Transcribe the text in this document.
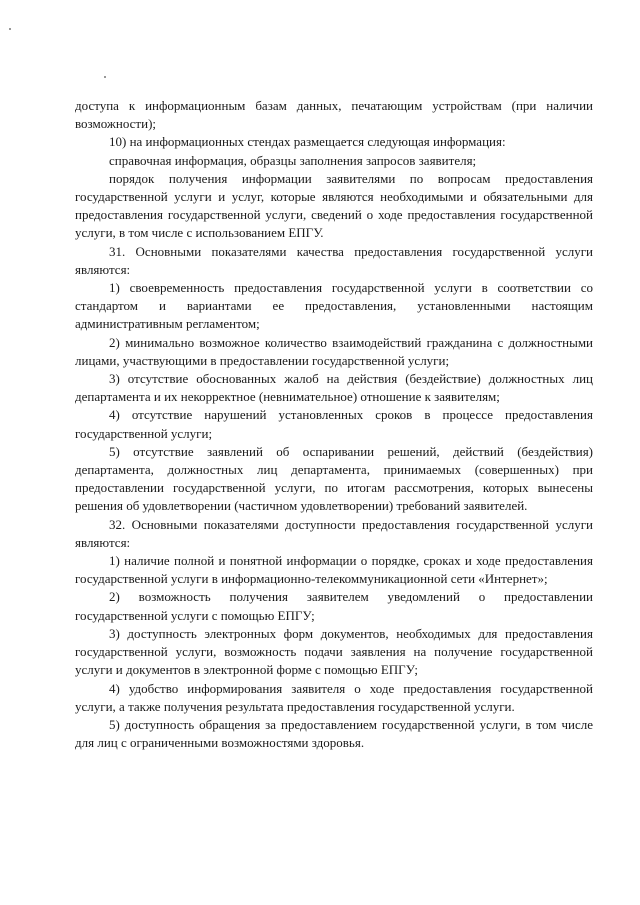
доступа к информационным базам данных, печатающим устройствам (при наличии возможности);

10) на информационных стендах размещается следующая информация:

справочная информация, образцы заполнения запросов заявителя;

порядок получения информации заявителями по вопросам предоставления государственной услуги и услуг, которые являются необходимыми и обязательными для предоставления государственной услуги, сведений о ходе предоставления государственной услуги, в том числе с использованием ЕПГУ.

31. Основными показателями качества предоставления государственной услуги являются:

1) своевременность предоставления государственной услуги в соответствии со стандартом и вариантами ее предоставления, установленными настоящим административным регламентом;

2) минимально возможное количество взаимодействий гражданина с должностными лицами, участвующими в предоставлении государственной услуги;

3) отсутствие обоснованных жалоб на действия (бездействие) должностных лиц департамента и их некорректное (невнимательное) отношение к заявителям;

4) отсутствие нарушений установленных сроков в процессе предоставления государственной услуги;

5) отсутствие заявлений об оспаривании решений, действий (бездействия) департамента, должностных лиц департамента, принимаемых (совершенных) при предоставлении государственной услуги, по итогам рассмотрения, которых вынесены решения об удовлетворении (частичном удовлетворении) требований заявителей.

32. Основными показателями доступности предоставления государственной услуги являются:

1) наличие полной и понятной информации о порядке, сроках и ходе предоставления государственной услуги в информационно-телекоммуникационной сети «Интернет»;

2) возможность получения заявителем уведомлений о предоставлении государственной услуги с помощью ЕПГУ;

3) доступность электронных форм документов, необходимых для предоставления государственной услуги, возможность подачи заявления на получение государственной услуги и документов в электронной форме с помощью ЕПГУ;

4) удобство информирования заявителя о ходе предоставления государственной услуги, а также получения результата предоставления государственной услуги.

5) доступность обращения за предоставлением государственной услуги, в том числе для лиц с ограниченными возможностями здоровья.
